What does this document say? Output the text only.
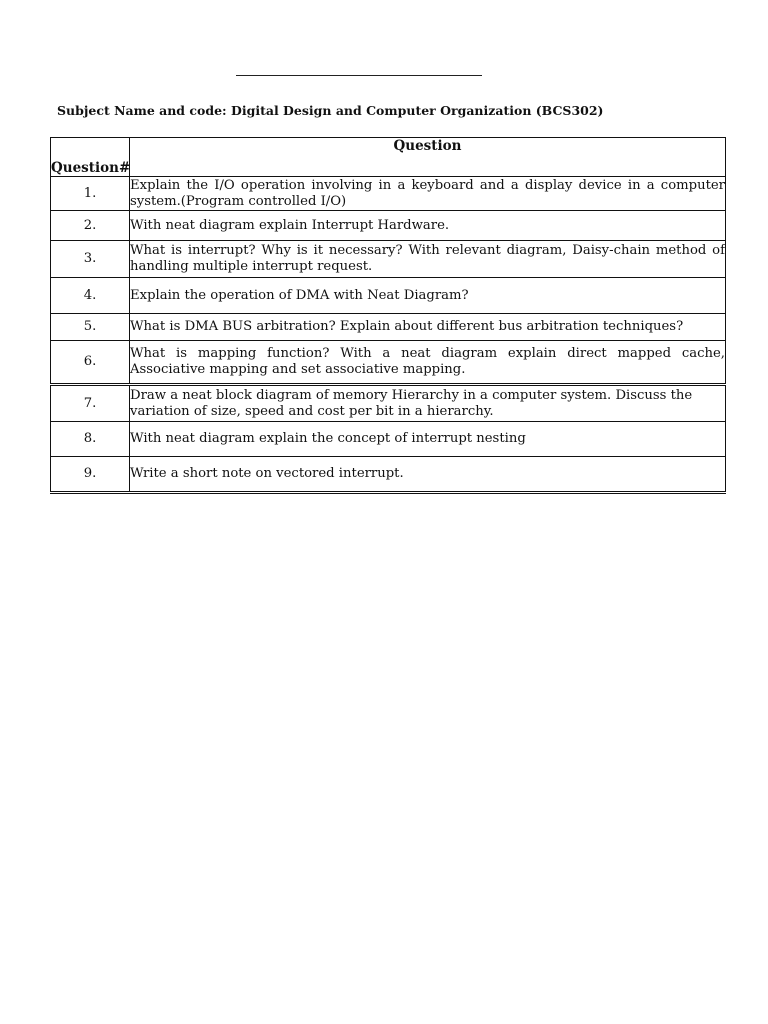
Subject Name and code: Digital Design and Computer Organization (BCS302)
Question#	Question
1.	Explain the I/O operation involving in a keyboard and a display device in a computer system.(Program controlled I/O)
2.	With neat diagram explain Interrupt Hardware.
3.	What is interrupt? Why is it necessary? With relevant diagram, Daisy-chain method of handling multiple interrupt request.
4.	Explain the operation of DMA with Neat Diagram?
5.	What is DMA BUS arbitration? Explain about different bus arbitration techniques?
6.	What is mapping function? With a neat diagram explain direct mapped cache, Associative mapping and set associative mapping.
7.	Draw a neat block diagram of memory Hierarchy in a computer system. Discuss the variation of size, speed and cost per bit in a hierarchy.
8.	With neat diagram explain the concept of interrupt nesting
9.	Write a short note on vectored interrupt.
